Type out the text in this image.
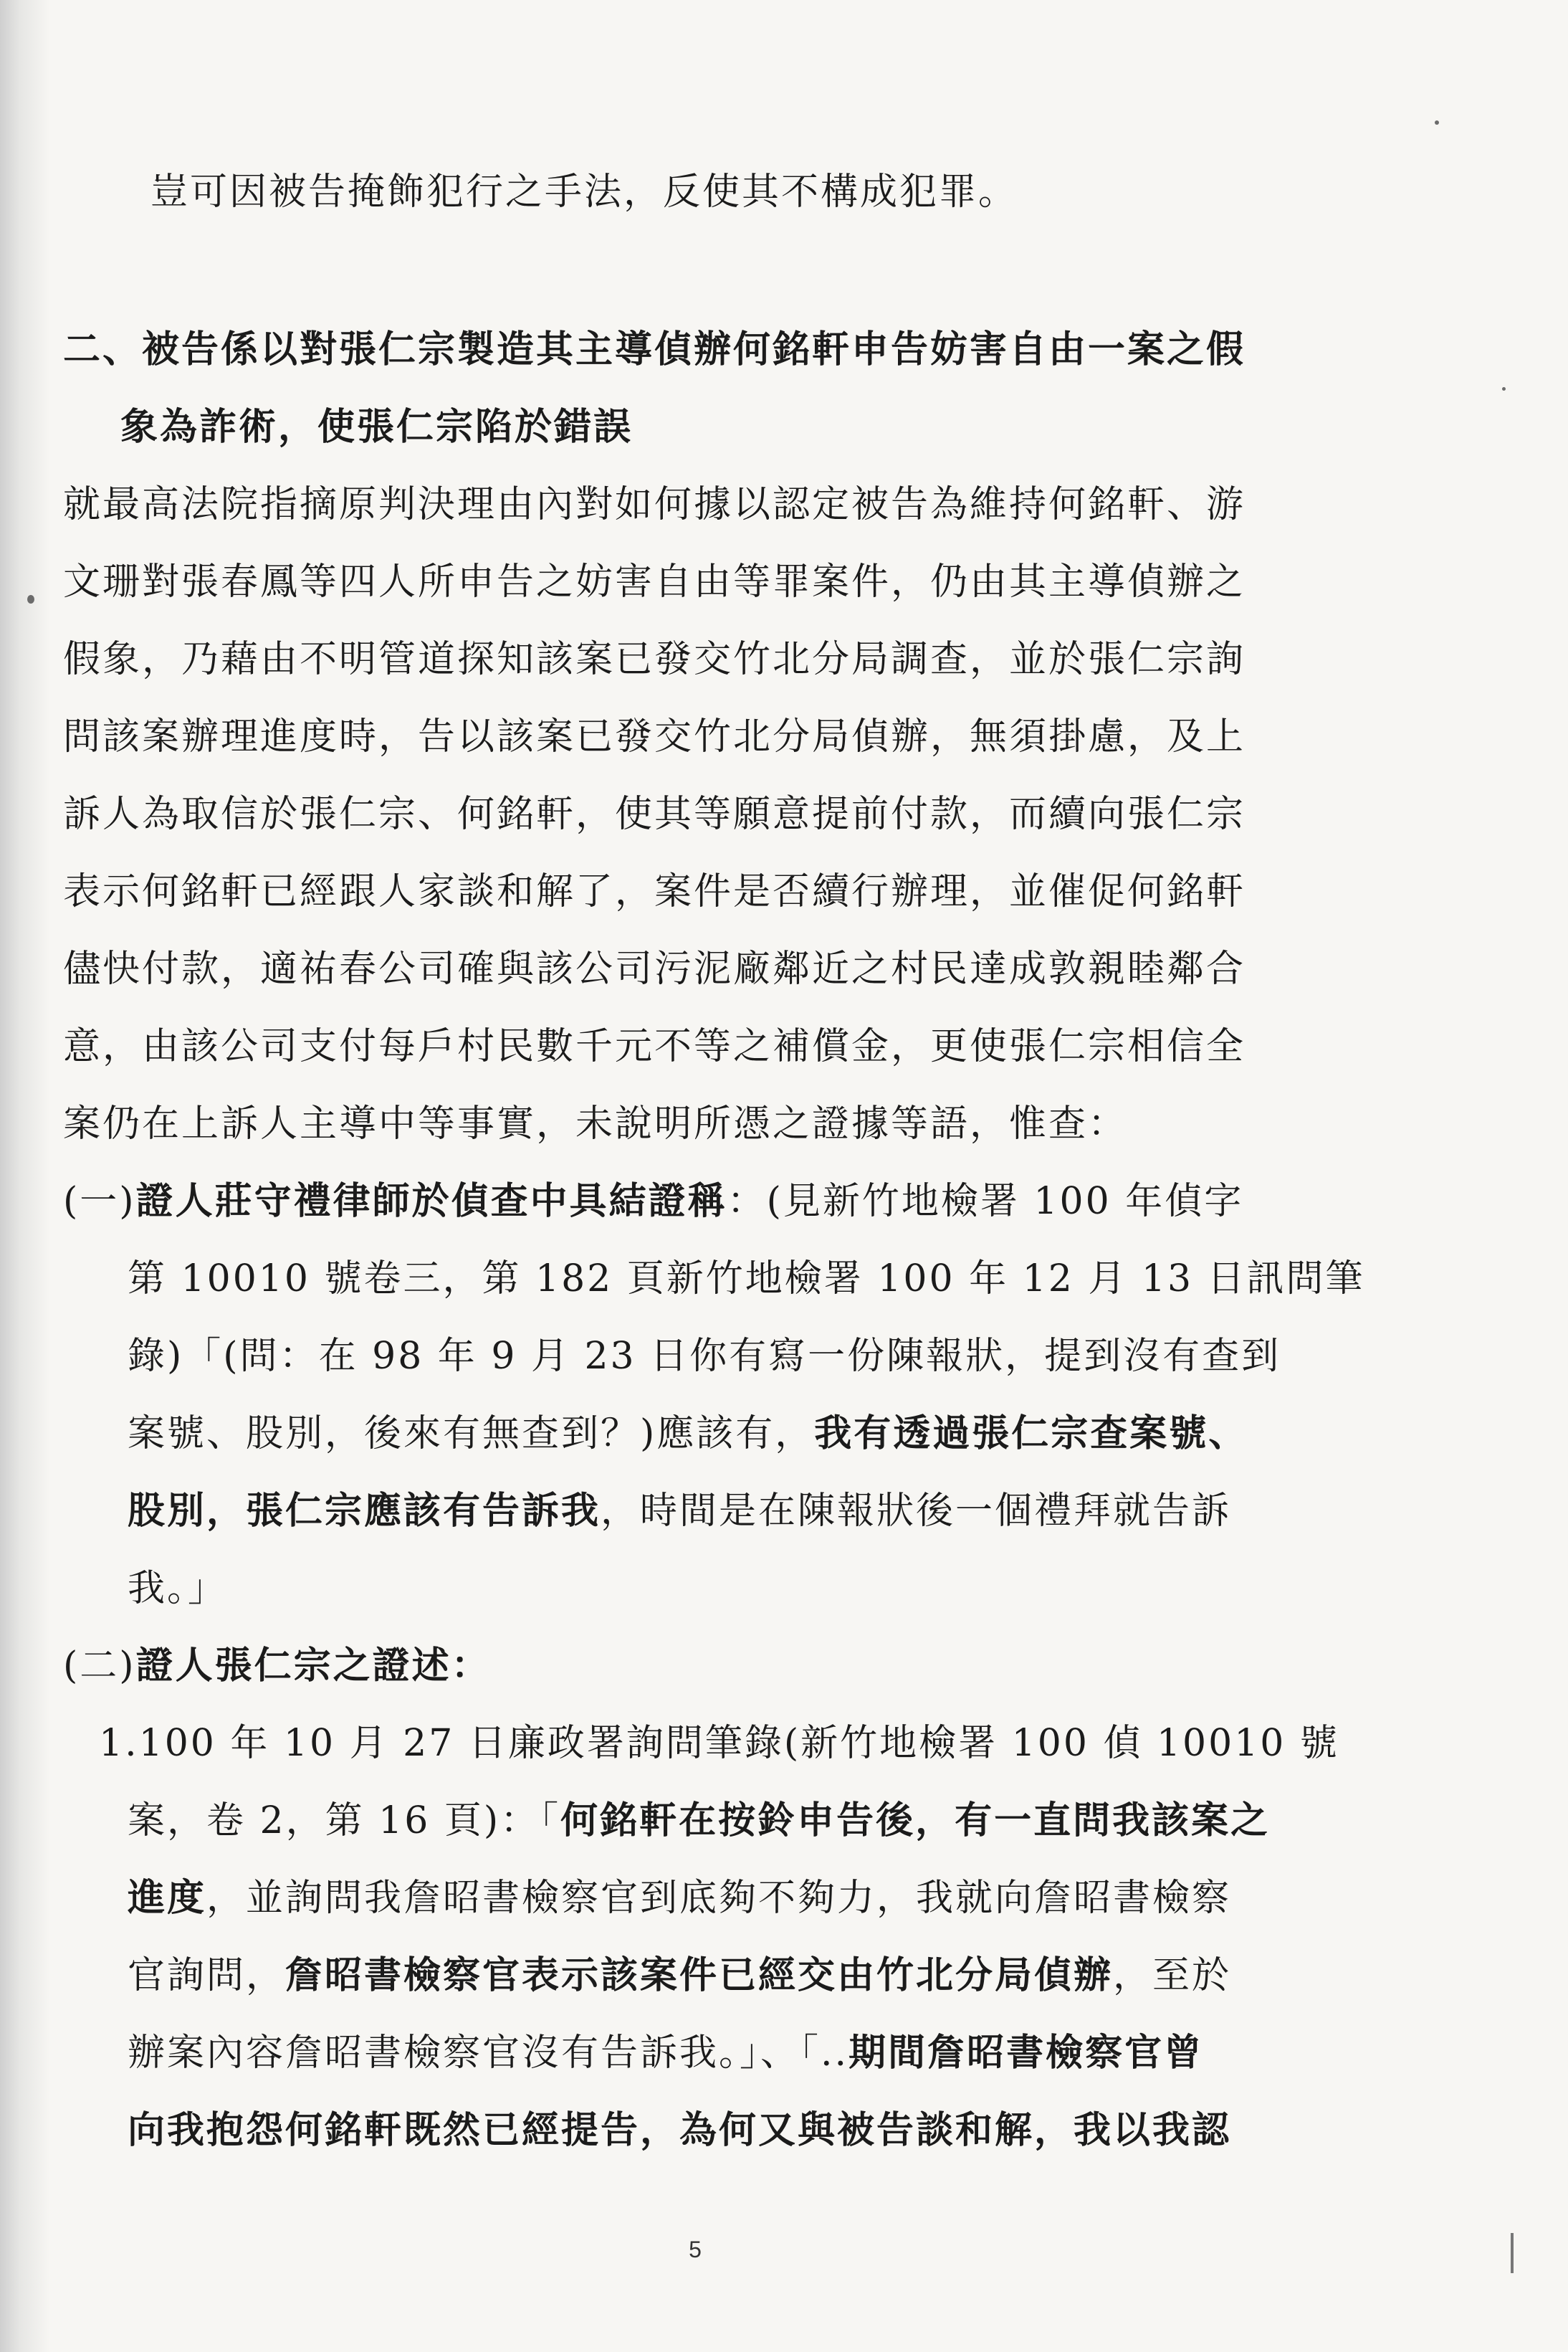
豈可因被告掩飾犯行之手法，反使其不構成犯罪。
二、被告係以對張仁宗製造其主導偵辦何銘軒申告妨害自由一案之假
象為詐術，使張仁宗陷於錯誤
就最高法院指摘原判決理由內對如何據以認定被告為維持何銘軒、游
文珊對張春鳳等四人所申告之妨害自由等罪案件，仍由其主導偵辦之
假象，乃藉由不明管道探知該案已發交竹北分局調查，並於張仁宗詢
問該案辦理進度時，告以該案已發交竹北分局偵辦，無須掛慮，及上
訴人為取信於張仁宗、何銘軒，使其等願意提前付款，而續向張仁宗
表示何銘軒已經跟人家談和解了，案件是否續行辦理，並催促何銘軒
儘快付款，適祐春公司確與該公司污泥廠鄰近之村民達成敦親睦鄰合
意，由該公司支付每戶村民數千元不等之補償金，更使張仁宗相信全
案仍在上訴人主導中等事實，未說明所憑之證據等語，惟查：
(一)證人莊守禮律師於偵查中具結證稱：(見新竹地檢署 100 年偵字
第 10010 號卷三，第 182 頁新竹地檢署 100 年 12 月 13 日訊問筆
錄)「(問：在 98 年 9 月 23 日你有寫一份陳報狀，提到沒有查到
案號、股別，後來有無查到？)應該有，我有透過張仁宗查案號、
股別，張仁宗應該有告訴我，時間是在陳報狀後一個禮拜就告訴
我。」
(二)證人張仁宗之證述：
1.100 年 10 月 27 日廉政署詢問筆錄(新竹地檢署 100 偵 10010 號
案，卷 2，第 16 頁)：「何銘軒在按鈴申告後，有一直問我該案之
進度，並詢問我詹昭書檢察官到底夠不夠力，我就向詹昭書檢察
官詢問，詹昭書檢察官表示該案件已經交由竹北分局偵辦，至於
辦案內容詹昭書檢察官沒有告訴我。」、「..期間詹昭書檢察官曾
向我抱怨何銘軒既然已經提告，為何又與被告談和解，我以我認
5
